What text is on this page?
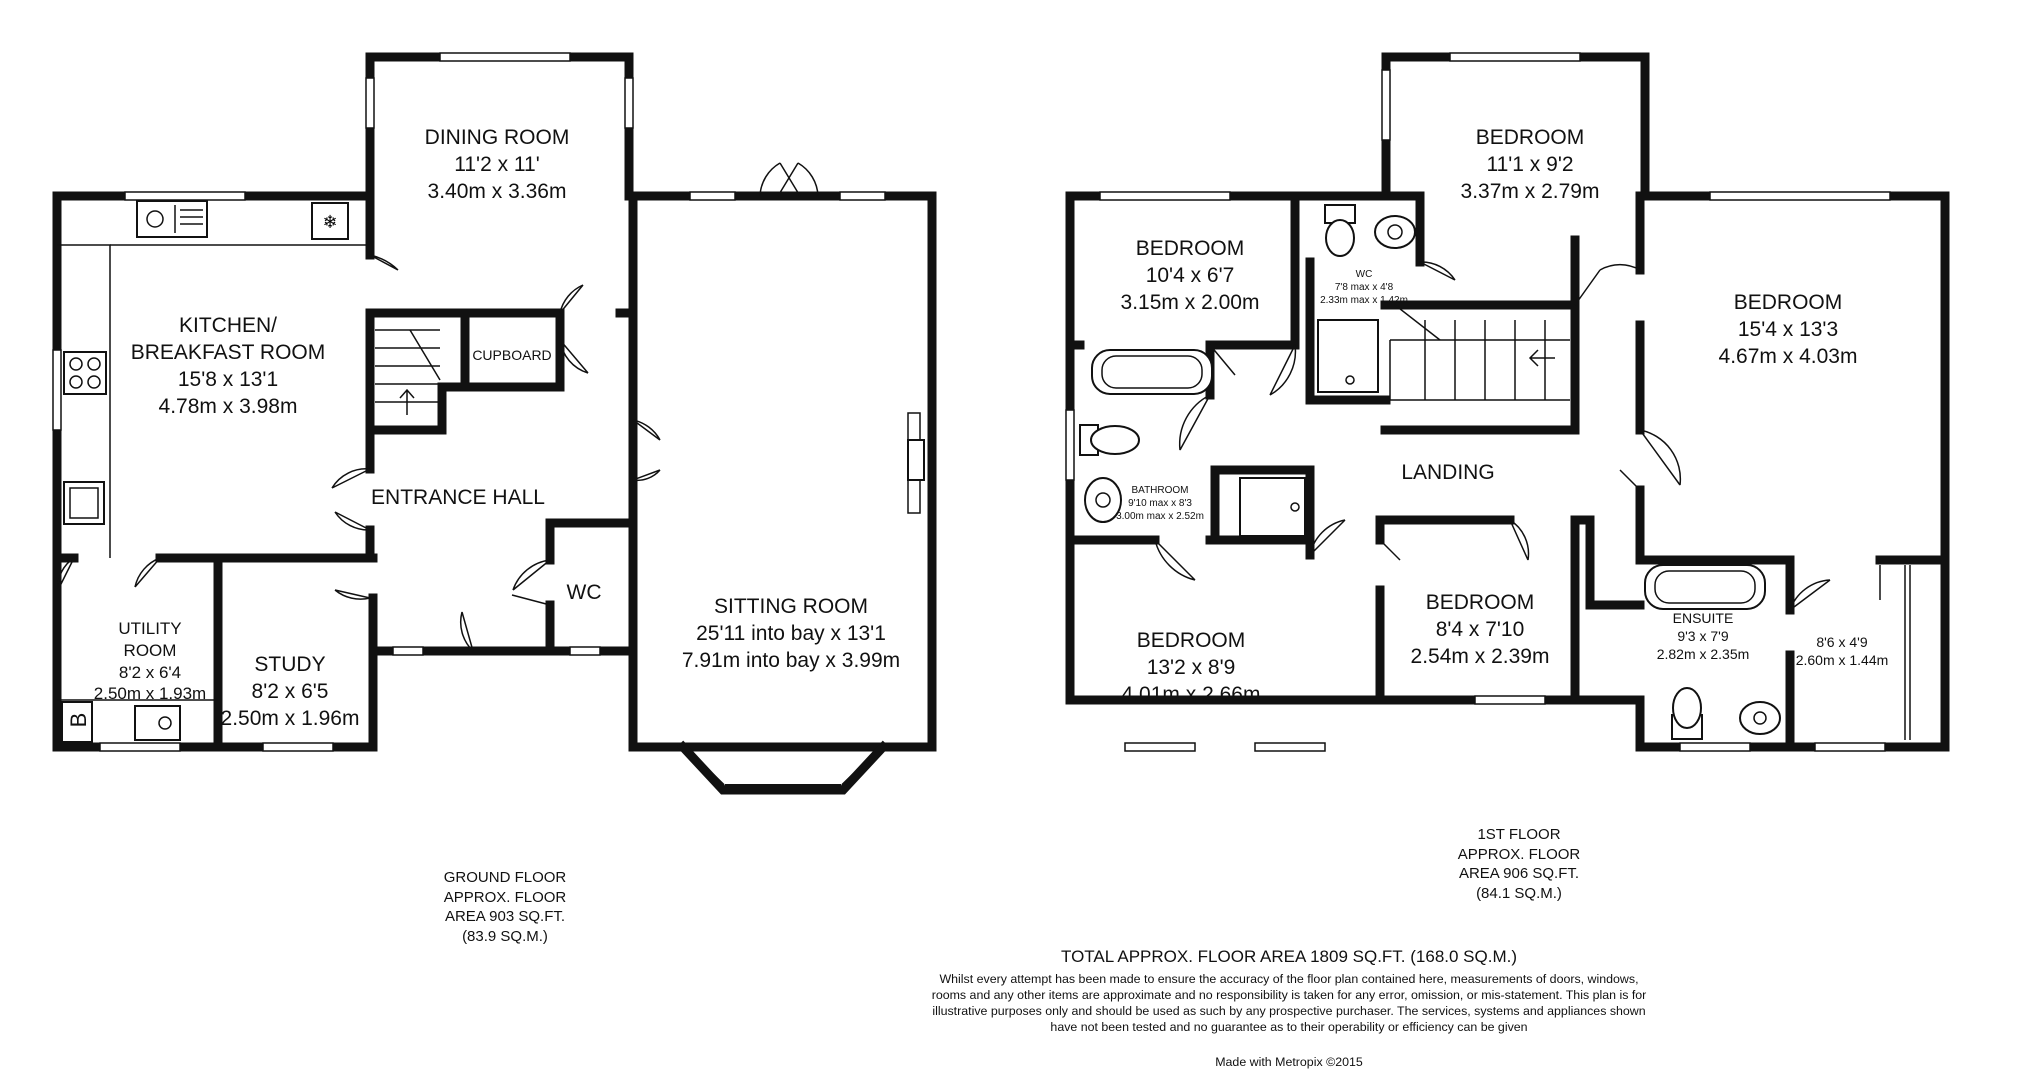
❄
DINING ROOM
11'2 x 11'
3.40m x 3.36m
KITCHEN/
BREAKFAST ROOM
15'8 x 13'1
4.78m x 3.98m
CUPBOARD
ENTRANCE HALL
WC
UTILITY
ROOM
8'2 x 6'4
2.50m x 1.93m
STUDY
8'2 x 6'5
2.50m x 1.96m
SITTING ROOM
25'11 into bay x 13'1
7.91m into bay x 3.99m
B
BEDROOM
11'1 x 9'2
3.37m x 2.79m
BEDROOM
10'4 x 6'7
3.15m x 2.00m
WC
7'8 max x 4'8
2.33m max x 1.42m	BEDROOM
15'4 x 13'3
4.67m x 4.03m
BATHROOM
9'10 max x 8'3
3.00m max x 2.52m
LANDING
BEDROOM
13'2 x 8'9
4.01m x 2.66m
BEDROOM
8'4 x 7'10
2.54m x 2.39m
ENSUITE
9'3 x 7'9
2.82m x 2.35m
8'6 x 4'9
2.60m x 1.44m
GROUND FLOOR
APPROX. FLOOR
AREA 903 SQ.FT.
(83.9 SQ.M.)
1ST FLOOR
APPROX. FLOOR
AREA 906 SQ.FT.
(84.1 SQ.M.)
TOTAL APPROX. FLOOR AREA 1809 SQ.FT. (168.0 SQ.M.)
Whilst every attempt has been made to ensure the accuracy of the floor plan contained here, measurements of doors, windows, rooms and any other items are approximate and no responsibility is taken for any error, omission, or mis-statement. This plan is for illustrative purposes only and should be used as such by any prospective purchaser. The services, systems and appliances shown have not been tested and no guarantee as to their operability or efficiency can be given
Made with Metropix ©2015
